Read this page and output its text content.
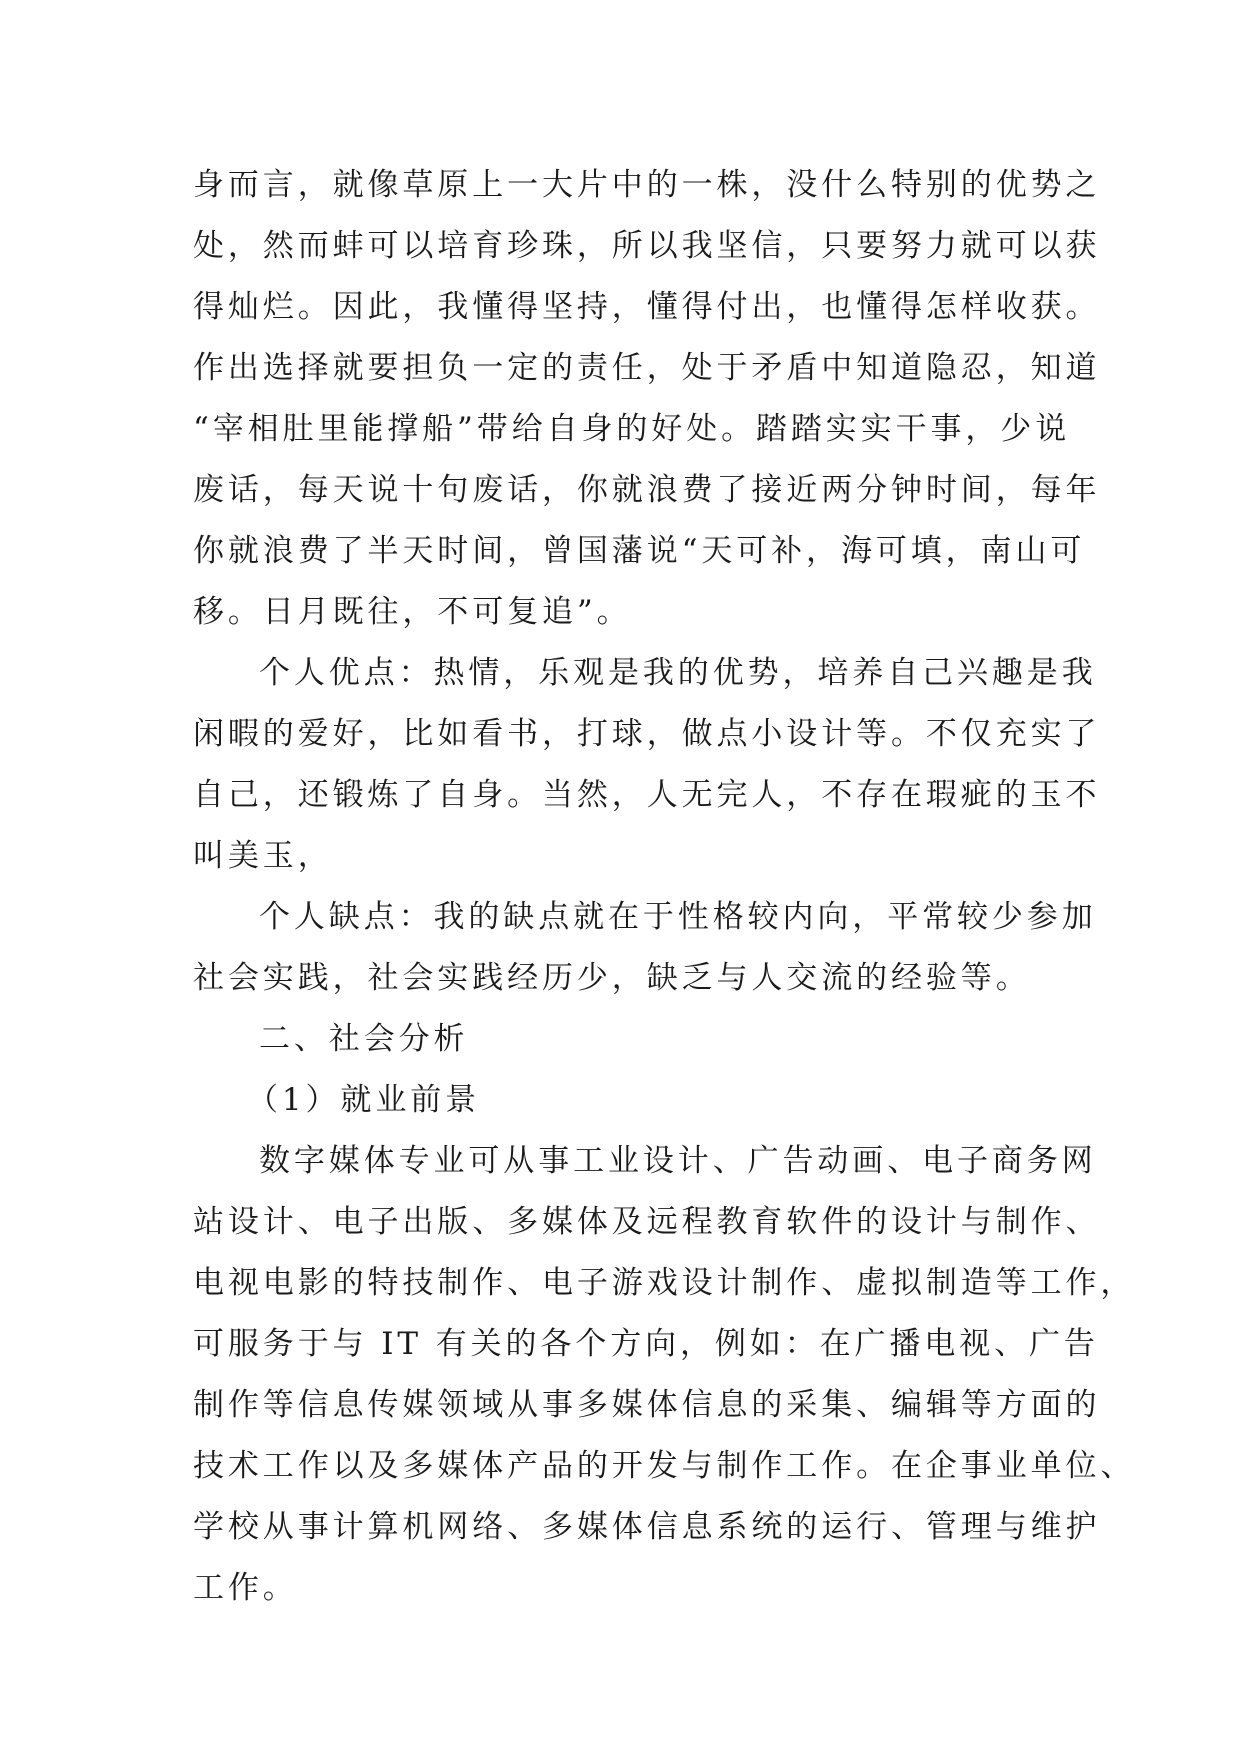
身而言，就像草原上一大片中的一株，没什么特别的优势之
处，然而蚌可以培育珍珠，所以我坚信，只要努力就可以获
得灿烂。因此，我懂得坚持，懂得付出，也懂得怎样收获。
作出选择就要担负一定的责任，处于矛盾中知道隐忍，知道
“宰相肚里能撑船”带给自身的好处。踏踏实实干事，少说
废话，每天说十句废话，你就浪费了接近两分钟时间，每年
你就浪费了半天时间，曾国藩说“天可补，海可填，南山可
移。日月既往，不可复追”。
个人优点：热情，乐观是我的优势，培养自己兴趣是我
闲暇的爱好，比如看书，打球，做点小设计等。不仅充实了
自己，还锻炼了自身。当然，人无完人，不存在瑕疵的玉不
叫美玉，
个人缺点：我的缺点就在于性格较内向，平常较少参加
社会实践，社会实践经历少，缺乏与人交流的经验等。
二、社会分析
（1）就业前景
数字媒体专业可从事工业设计、广告动画、电子商务网
站设计、电子出版、多媒体及远程教育软件的设计与制作、
电视电影的特技制作、电子游戏设计制作、虚拟制造等工作，
可服务于与 IT 有关的各个方向，例如：在广播电视、广告
制作等信息传媒领域从事多媒体信息的采集、编辑等方面的
技术工作以及多媒体产品的开发与制作工作。在企事业单位、
学校从事计算机网络、多媒体信息系统的运行、管理与维护
工作。
